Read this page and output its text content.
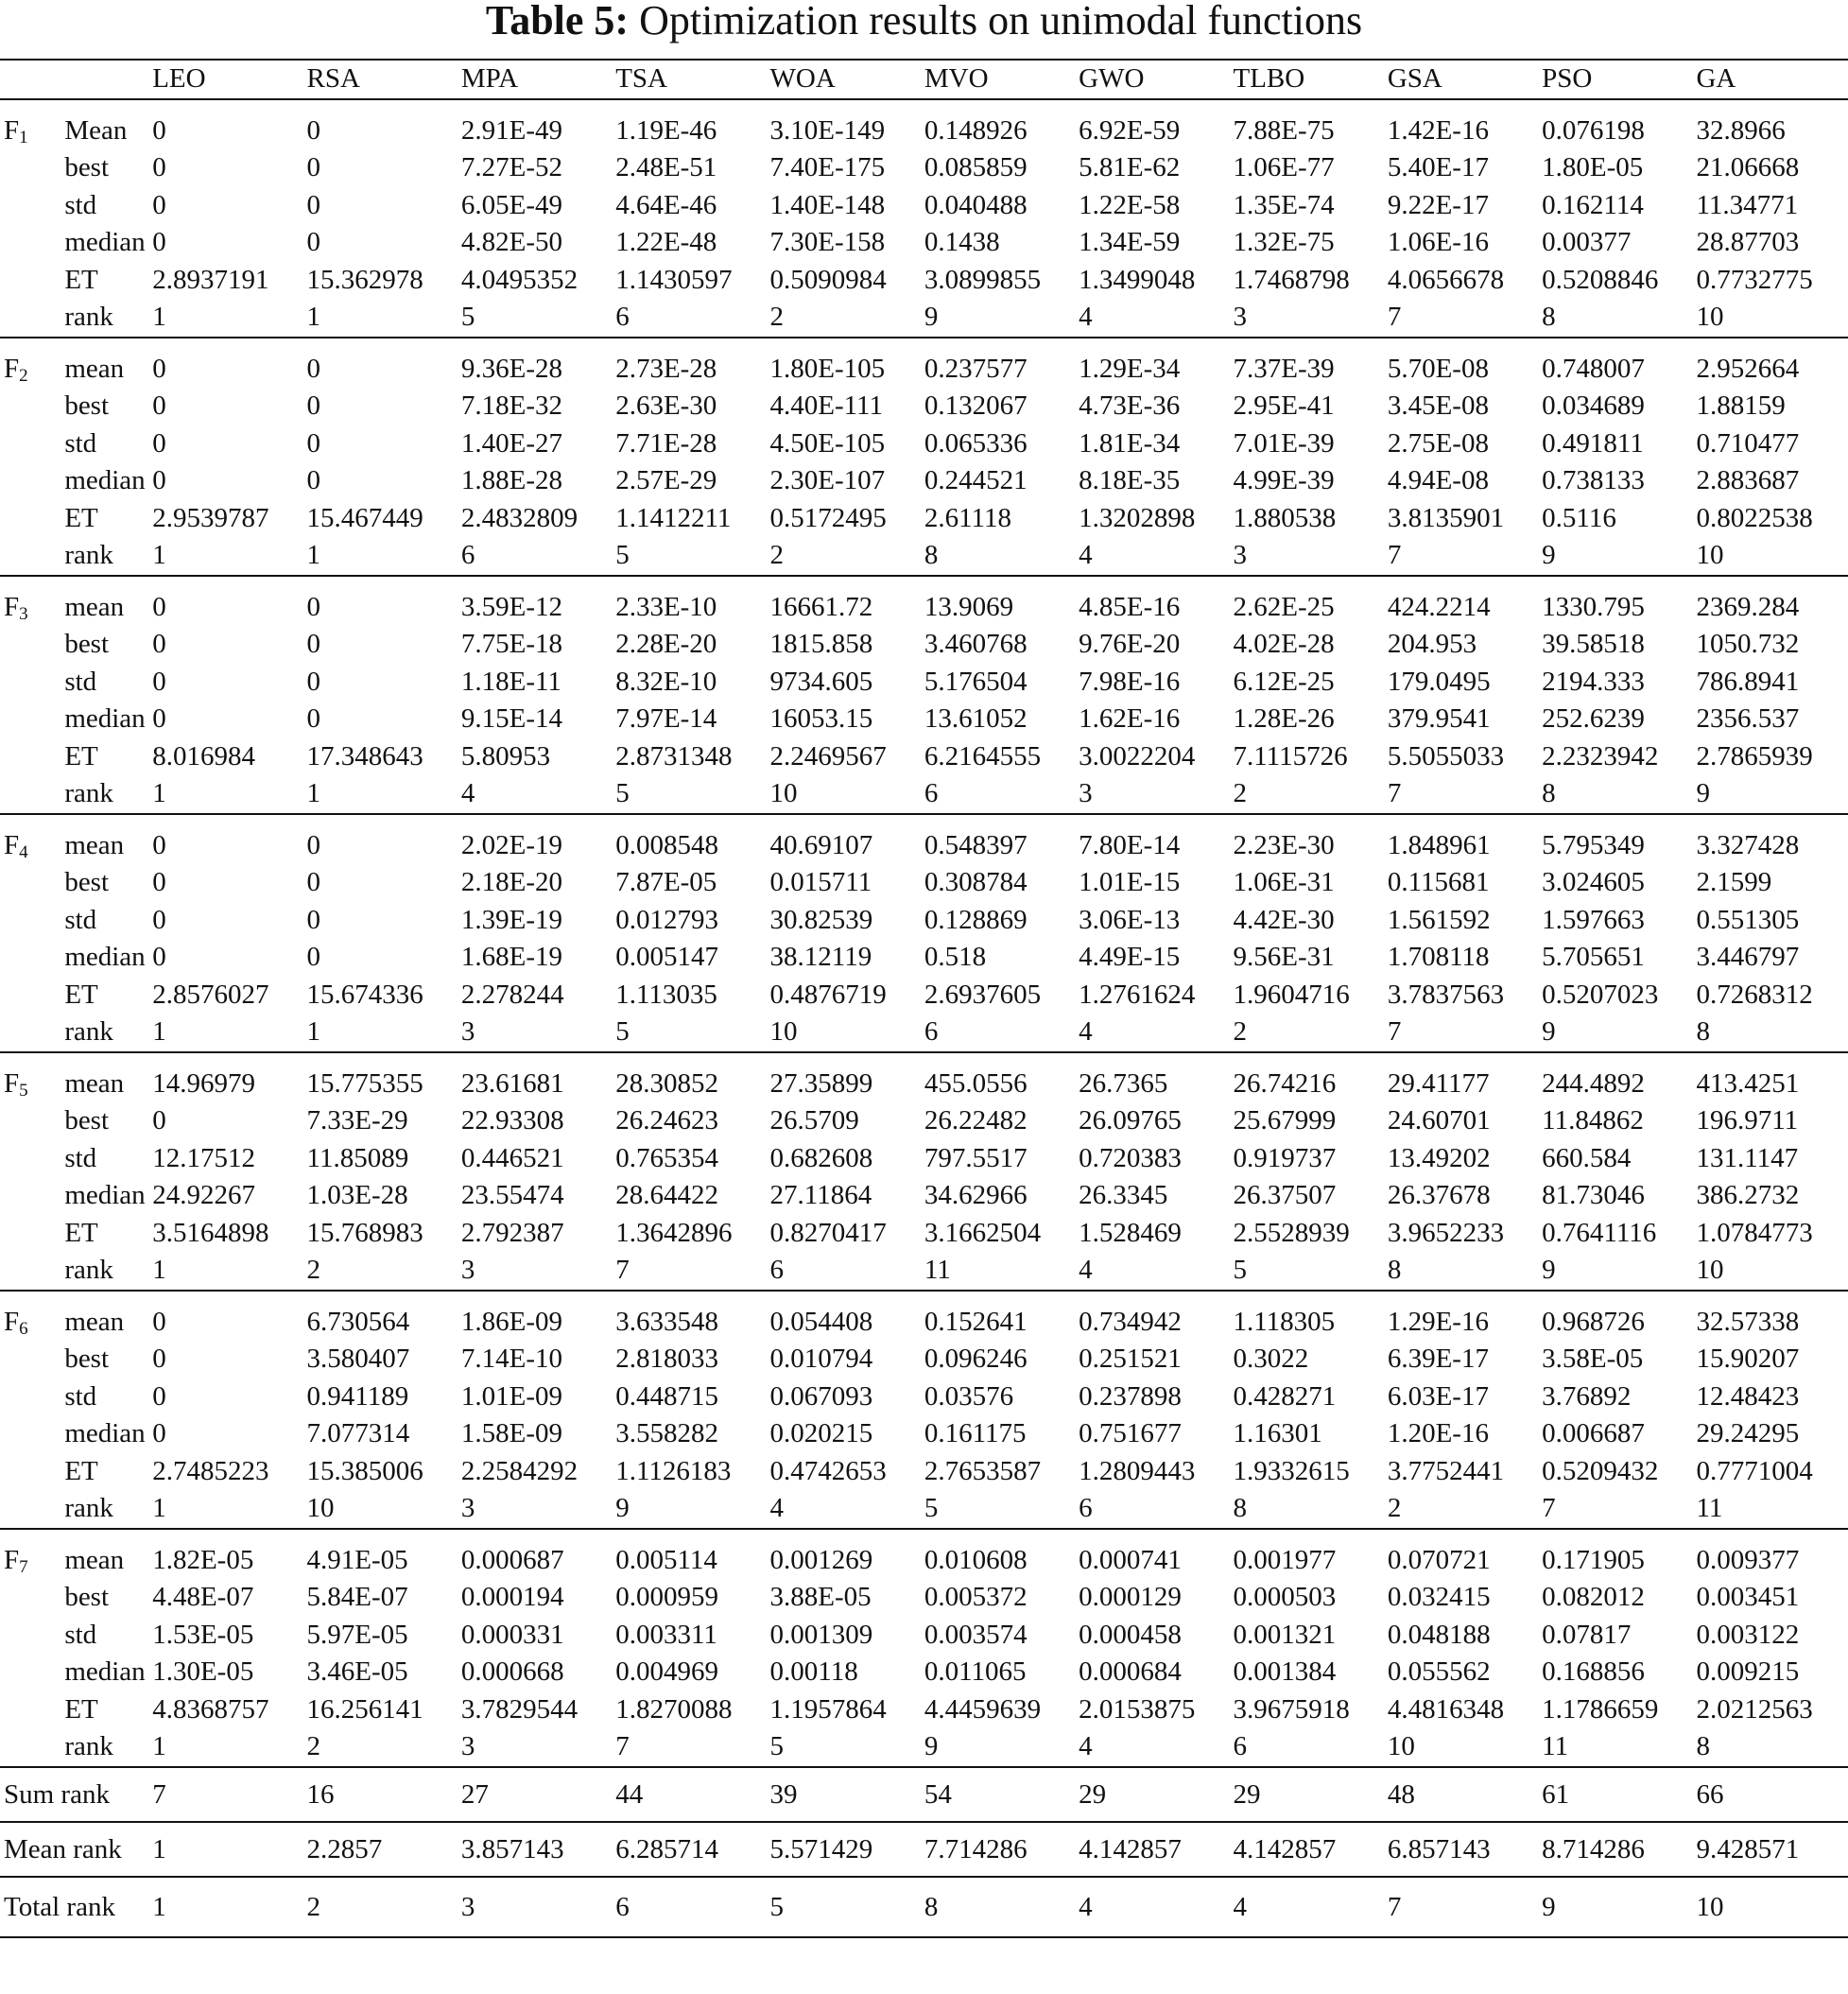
Table 5: Optimization results on unimodal functions
		LEO	RSA	MPA	TSA	WOA	MVO	GWO	TLBO	GSA	PSO	GA
$F_1$	Mean	0	0	2.91E-49	1.19E-46	3.10E-149	0.148926	6.92E-59	7.88E-75	1.42E-16	0.076198	32.8966
	best	0	0	7.27E-52	2.48E-51	7.40E-175	0.085859	5.81E-62	1.06E-77	5.40E-17	1.80E-05	21.06668
	std	0	0	6.05E-49	4.64E-46	1.40E-148	0.040488	1.22E-58	1.35E-74	9.22E-17	0.162114	11.34771
	median	0	0	4.82E-50	1.22E-48	7.30E-158	0.1438	1.34E-59	1.32E-75	1.06E-16	0.00377	28.87703
	ET	2.8937191	15.362978	4.0495352	1.1430597	0.5090984	3.0899855	1.3499048	1.7468798	4.0656678	0.5208846	0.7732775
	rank	1	1	5	6	2	9	4	3	7	8	10
$F_2$	mean	0	0	9.36E-28	2.73E-28	1.80E-105	0.237577	1.29E-34	7.37E-39	5.70E-08	0.748007	2.952664
	best	0	0	7.18E-32	2.63E-30	4.40E-111	0.132067	4.73E-36	2.95E-41	3.45E-08	0.034689	1.88159
	std	0	0	1.40E-27	7.71E-28	4.50E-105	0.065336	1.81E-34	7.01E-39	2.75E-08	0.491811	0.710477
	median	0	0	1.88E-28	2.57E-29	2.30E-107	0.244521	8.18E-35	4.99E-39	4.94E-08	0.738133	2.883687
	ET	2.9539787	15.467449	2.4832809	1.1412211	0.5172495	2.61118	1.3202898	1.880538	3.8135901	0.5116	0.8022538
	rank	1	1	6	5	2	8	4	3	7	9	10
$F_3$	mean	0	0	3.59E-12	2.33E-10	16661.72	13.9069	4.85E-16	2.62E-25	424.2214	1330.795	2369.284
	best	0	0	7.75E-18	2.28E-20	1815.858	3.460768	9.76E-20	4.02E-28	204.953	39.58518	1050.732
	std	0	0	1.18E-11	8.32E-10	9734.605	5.176504	7.98E-16	6.12E-25	179.0495	2194.333	786.8941
	median	0	0	9.15E-14	7.97E-14	16053.15	13.61052	1.62E-16	1.28E-26	379.9541	252.6239	2356.537
	ET	8.016984	17.348643	5.80953	2.8731348	2.2469567	6.2164555	3.0022204	7.1115726	5.5055033	2.2323942	2.7865939
	rank	1	1	4	5	10	6	3	2	7	8	9
$F_4$	mean	0	0	2.02E-19	0.008548	40.69107	0.548397	7.80E-14	2.23E-30	1.848961	5.795349	3.327428
	best	0	0	2.18E-20	7.87E-05	0.015711	0.308784	1.01E-15	1.06E-31	0.115681	3.024605	2.1599
	std	0	0	1.39E-19	0.012793	30.82539	0.128869	3.06E-13	4.42E-30	1.561592	1.597663	0.551305
	median	0	0	1.68E-19	0.005147	38.12119	0.518	4.49E-15	9.56E-31	1.708118	5.705651	3.446797
	ET	2.8576027	15.674336	2.278244	1.113035	0.4876719	2.6937605	1.2761624	1.9604716	3.7837563	0.5207023	0.7268312
	rank	1	1	3	5	10	6	4	2	7	9	8
$F_5$	mean	14.96979	15.775355	23.61681	28.30852	27.35899	455.0556	26.7365	26.74216	29.41177	244.4892	413.4251
	best	0	7.33E-29	22.93308	26.24623	26.5709	26.22482	26.09765	25.67999	24.60701	11.84862	196.9711
	std	12.17512	11.85089	0.446521	0.765354	0.682608	797.5517	0.720383	0.919737	13.49202	660.584	131.1147
	median	24.92267	1.03E-28	23.55474	28.64422	27.11864	34.62966	26.3345	26.37507	26.37678	81.73046	386.2732
	ET	3.5164898	15.768983	2.792387	1.3642896	0.8270417	3.1662504	1.528469	2.5528939	3.9652233	0.7641116	1.0784773
	rank	1	2	3	7	6	11	4	5	8	9	10
$F_6$	mean	0	6.730564	1.86E-09	3.633548	0.054408	0.152641	0.734942	1.118305	1.29E-16	0.968726	32.57338
	best	0	3.580407	7.14E-10	2.818033	0.010794	0.096246	0.251521	0.3022	6.39E-17	3.58E-05	15.90207
	std	0	0.941189	1.01E-09	0.448715	0.067093	0.03576	0.237898	0.428271	6.03E-17	3.76892	12.48423
	median	0	7.077314	1.58E-09	3.558282	0.020215	0.161175	0.751677	1.16301	1.20E-16	0.006687	29.24295
	ET	2.7485223	15.385006	2.2584292	1.1126183	0.4742653	2.7653587	1.2809443	1.9332615	3.7752441	0.5209432	0.7771004
	rank	1	10	3	9	4	5	6	8	2	7	11
$F_7$	mean	1.82E-05	4.91E-05	0.000687	0.005114	0.001269	0.010608	0.000741	0.001977	0.070721	0.171905	0.009377
	best	4.48E-07	5.84E-07	0.000194	0.000959	3.88E-05	0.005372	0.000129	0.000503	0.032415	0.082012	0.003451
	std	1.53E-05	5.97E-05	0.000331	0.003311	0.001309	0.003574	0.000458	0.001321	0.048188	0.07817	0.003122
	median	1.30E-05	3.46E-05	0.000668	0.004969	0.00118	0.011065	0.000684	0.001384	0.055562	0.168856	0.009215
	ET	4.8368757	16.256141	3.7829544	1.8270088	1.1957864	4.4459639	2.0153875	3.9675918	4.4816348	1.1786659	2.0212563
	rank	1	2	3	7	5	9	4	6	10	11	8
Sum rank		7	16	27	44	39	54	29	29	48	61	66
Mean rank		1	2.2857	3.857143	6.285714	5.571429	7.714286	4.142857	4.142857	6.857143	8.714286	9.428571
Total rank		1	2	3	6	5	8	4	4	7	9	10
